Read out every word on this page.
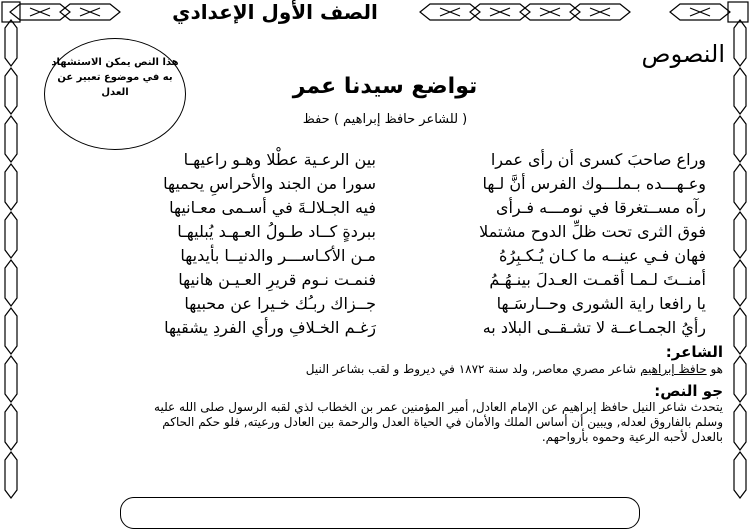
الصف الأول الإعدادي
النصوص
هذا النص يمكن الاستشهاد به في موضوع تعبير عن العدل	تواضع سيدنا عمر
( للشاعر حافظ إبراهيم ) حفظ
وراع صاحبَ كسرى أن رأى عمرا
بين الرعـية عطْلا وهـو راعيهـا
وعـهـــده بـملـــوك الفرس أنَّ لـها
سورا من الجند والأحراسِ يحميها
رآه مســتغرقا في نومـــه فـرأى
فيه الجـلالـةَ في أسـمى معـانيها
فوق الثرى تحت ظلِّ الدوح مشتملا
ببردةٍ كــاد طـولُ العـهـد يُبليهـا
فهان فـي عينــه ما كـان يُـكـبِرُهُ
مـن الأكـاســـر والدنيــا بأيديها
أمنــتَ لـمـا أقمـت العـدلَ بينـهُـمُ
فنمـت نـوم قريرِ العـيـن هانيها
يا رافعا راية الشورى وحــارسَـها
جــزاك ربـُك خـيرا عن محبيها
رأيُ الجمـاعــة لا تشـقــى البلاد به
رَغـم الخـلافِ ورأي الفردِ يشقيها
الشاعر:
هو حافظ إبراهيم شاعر مصري معاصر, ولد سنة ١٨٧٢ في ديروط و لقب بشاعر النيل
جو النص:
يتحدث شاعر النيل حافظ إبراهيم عن الإمام العادل, أمير المؤمنين عمر بن الخطاب لذي لقبه الرسول صلى الله عليه
وسلم بالفاروق لعدله, ويبين أن أساس الملك والأمان في الحياة العدل والرحمة بين العادل ورعيته, فلو حكم الحاكم
بالعدل لأحبه الرعية وحموه بأرواحهم.
